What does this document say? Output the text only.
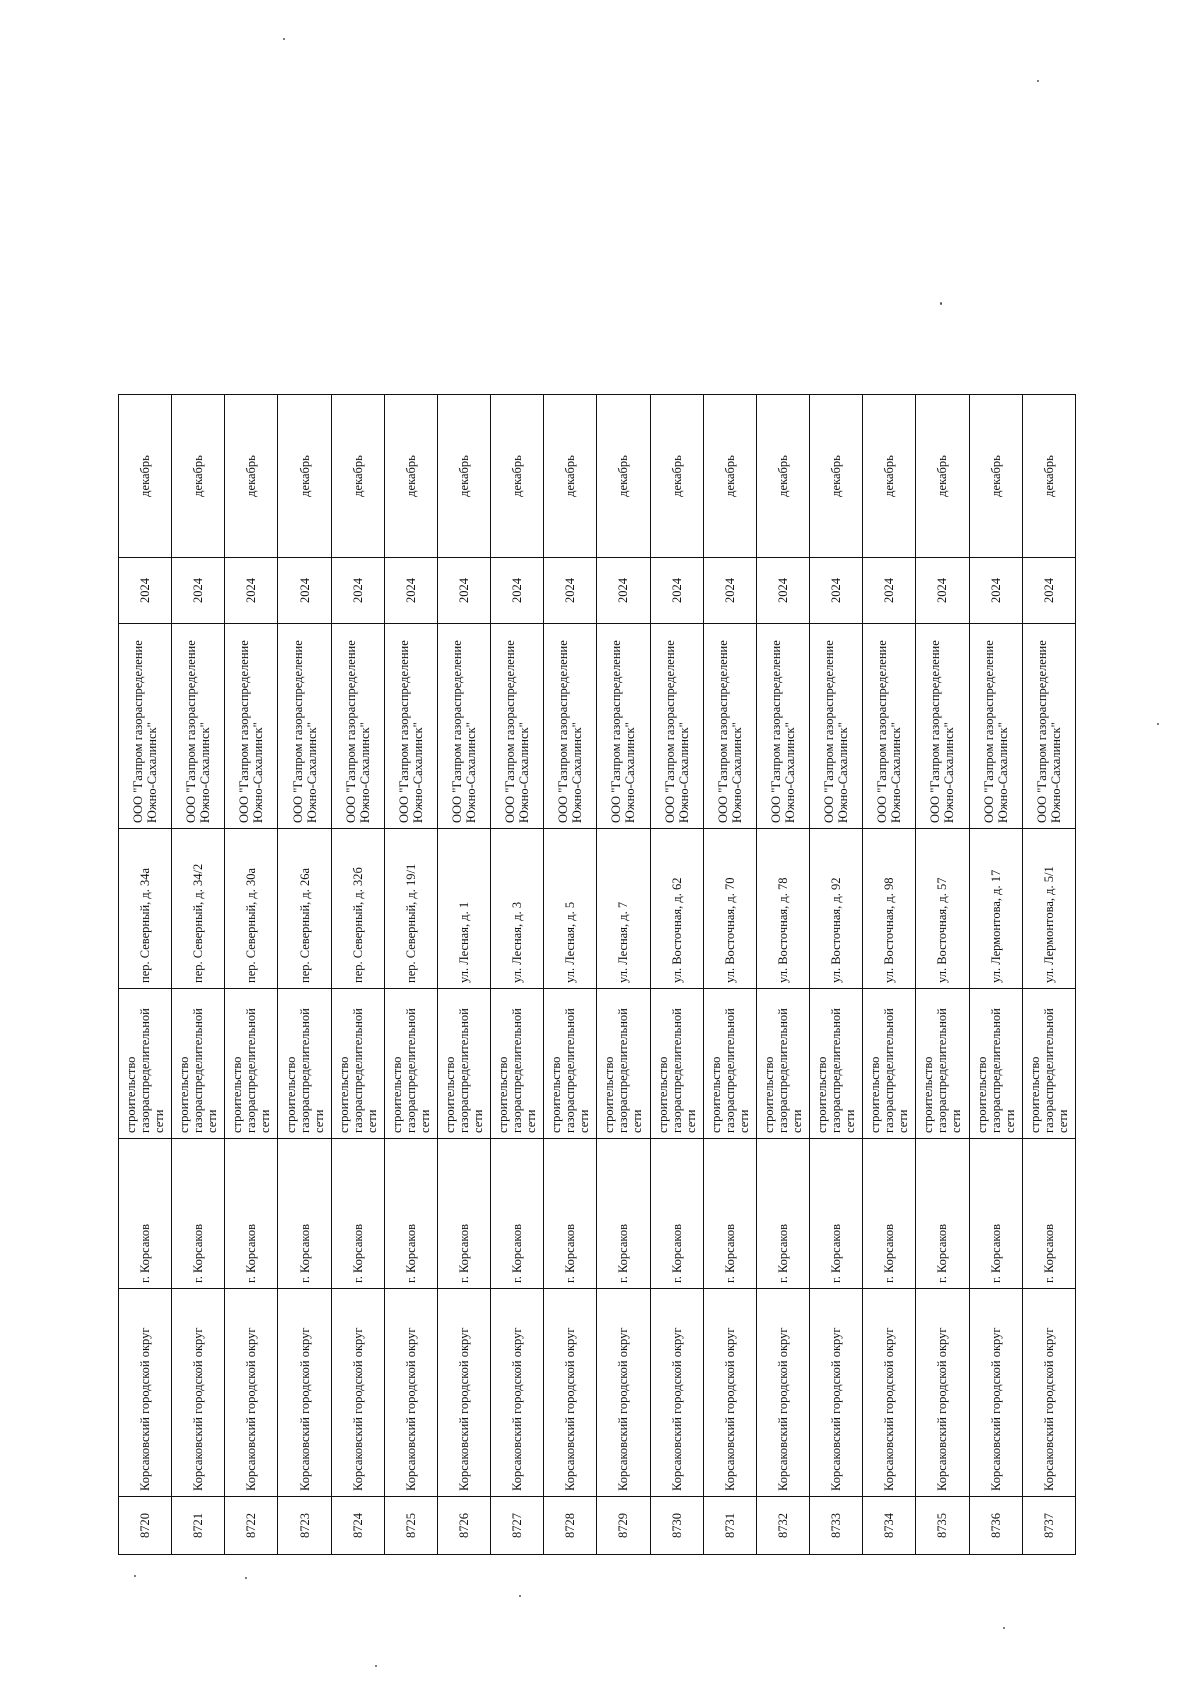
8720	Корсаковский городской округ	г. Корсаков	строительство газораспределительной сети	пер. Северный, д. 34а	ООО "Газпром газораспределение Южно-Сахалинск"	2024	декабрь
8721	Корсаковский городской округ	г. Корсаков	строительство газораспределительной сети	пер. Северный, д. 34/2	ООО "Газпром газораспределение Южно-Сахалинск"	2024	декабрь
8722	Корсаковский городской округ	г. Корсаков	строительство газораспределительной сети	пер. Северный, д. 30а	ООО "Газпром газораспределение Южно-Сахалинск"	2024	декабрь
8723	Корсаковский городской округ	г. Корсаков	строительство газораспределительной сети	пер. Северный, д. 26а	ООО "Газпром газораспределение Южно-Сахалинск"	2024	декабрь
8724	Корсаковский городской округ	г. Корсаков	строительство газораспределительной сети	пер. Северный, д. 32б	ООО "Газпром газораспределение Южно-Сахалинск"	2024	декабрь
8725	Корсаковский городской округ	г. Корсаков	строительство газораспределительной сети	пер. Северный, д. 19/1	ООО "Газпром газораспределение Южно-Сахалинск"	2024	декабрь
8726	Корсаковский городской округ	г. Корсаков	строительство газораспределительной сети	ул. Лесная, д. 1	ООО "Газпром газораспределение Южно-Сахалинск"	2024	декабрь
8727	Корсаковский городской округ	г. Корсаков	строительство газораспределительной сети	ул. Лесная, д. 3	ООО "Газпром газораспределение Южно-Сахалинск"	2024	декабрь
8728	Корсаковский городской округ	г. Корсаков	строительство газораспределительной сети	ул. Лесная, д. 5	ООО "Газпром газораспределение Южно-Сахалинск"	2024	декабрь
8729	Корсаковский городской округ	г. Корсаков	строительство газораспределительной сети	ул. Лесная, д. 7	ООО "Газпром газораспределение Южно-Сахалинск"	2024	декабрь
8730	Корсаковский городской округ	г. Корсаков	строительство газораспределительной сети	ул. Восточная, д. 62	ООО "Газпром газораспределение Южно-Сахалинск"	2024	декабрь
8731	Корсаковский городской округ	г. Корсаков	строительство газораспределительной сети	ул. Восточная, д. 70	ООО "Газпром газораспределение Южно-Сахалинск"	2024	декабрь
8732	Корсаковский городской округ	г. Корсаков	строительство газораспределительной сети	ул. Восточная, д. 78	ООО "Газпром газораспределение Южно-Сахалинск"	2024	декабрь
8733	Корсаковский городской округ	г. Корсаков	строительство газораспределительной сети	ул. Восточная, д. 92	ООО "Газпром газораспределение Южно-Сахалинск"	2024	декабрь
8734	Корсаковский городской округ	г. Корсаков	строительство газораспределительной сети	ул. Восточная, д. 98	ООО "Газпром газораспределение Южно-Сахалинск"	2024	декабрь
8735	Корсаковский городской округ	г. Корсаков	строительство газораспределительной сети	ул. Восточная, д. 57	ООО "Газпром газораспределение Южно-Сахалинск"	2024	декабрь
8736	Корсаковский городской округ	г. Корсаков	строительство газораспределительной сети	ул. Лермонтова, д. 17	ООО "Газпром газораспределение Южно-Сахалинск"	2024	декабрь
8737	Корсаковский городской округ	г. Корсаков	строительство газораспределительной сети	ул. Лермонтова, д. 5/1	ООО "Газпром газораспределение Южно-Сахалинск"	2024	декабрь
